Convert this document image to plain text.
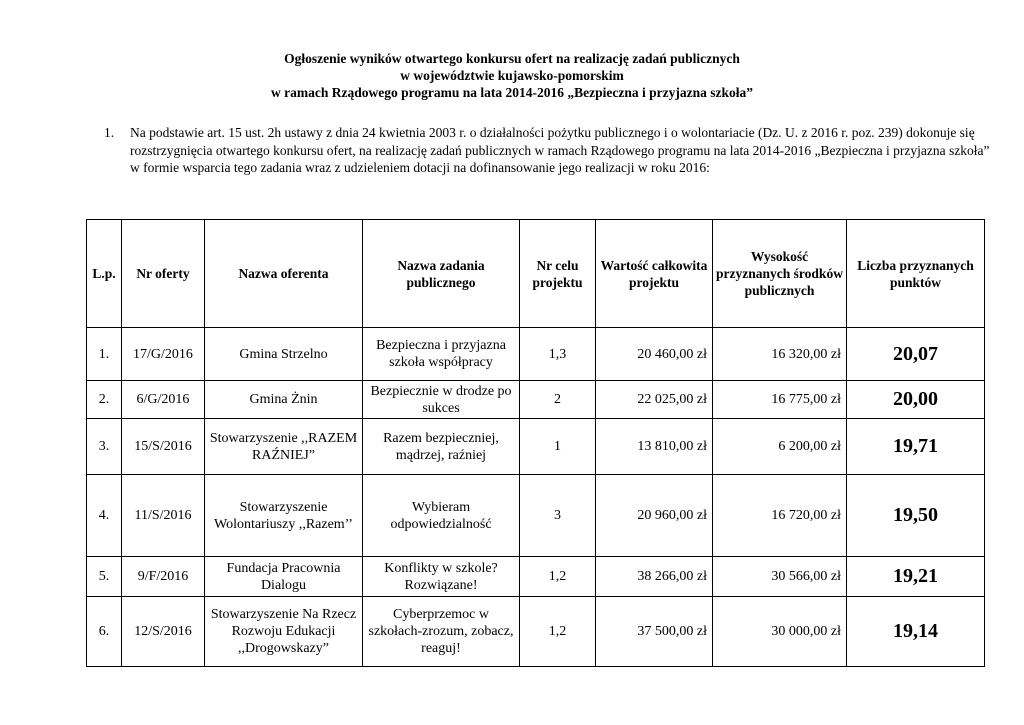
Ogłoszenie wyników otwartego konkursu ofert na realizację zadań publicznych
w województwie kujawsko-pomorskim
w ramach Rządowego programu na lata 2014-2016 „Bezpieczna i przyjazna szkoła”
1. Na podstawie art. 15 ust. 2h ustawy z dnia 24 kwietnia 2003 r. o działalności pożytku publicznego i o wolontariacie (Dz. U. z 2016 r. poz. 239) dokonuje się rozstrzygnięcia otwartego konkursu ofert, na realizację zadań publicznych w ramach Rządowego programu na lata 2014-2016 „Bezpieczna i przyjazna szkoła” w formie wsparcia tego zadania wraz z udzieleniem dotacji na dofinansowanie jego realizacji w roku 2016:
L.p.	Nr oferty	Nazwa oferenta	Nazwa zadania publicznego	Nr celu projektu	Wartość całkowita projektu	Wysokość przyznanych środków publicznych	Liczba przyznanych punktów
1.	17/G/2016	Gmina Strzelno	Bezpieczna i przyjazna szkoła współpracy	1,3	20 460,00 zł	16 320,00 zł	20,07
2.	6/G/2016	Gmina Żnin	Bezpiecznie w drodze po sukces	2	22 025,00 zł	16 775,00 zł	20,00
3.	15/S/2016	Stowarzyszenie ,,RAZEM RAŹNIEJ”	Razem bezpieczniej, mądrzej, raźniej	1	13 810,00 zł	6 200,00 zł	19,71
4.	11/S/2016	Stowarzyszenie Wolontariuszy ,,Razem’’	Wybieram odpowiedzialność	3	20 960,00 zł	16 720,00 zł	19,50
5.	9/F/2016	Fundacja Pracownia Dialogu	Konflikty w szkole? Rozwiązane!	1,2	38 266,00 zł	30 566,00 zł	19,21
6.	12/S/2016	Stowarzyszenie Na Rzecz Rozwoju Edukacji ,,Drogowskazy”	Cyberprzemoc w szkołach-zrozum, zobacz, reaguj!	1,2	37 500,00 zł	30 000,00 zł	19,14
